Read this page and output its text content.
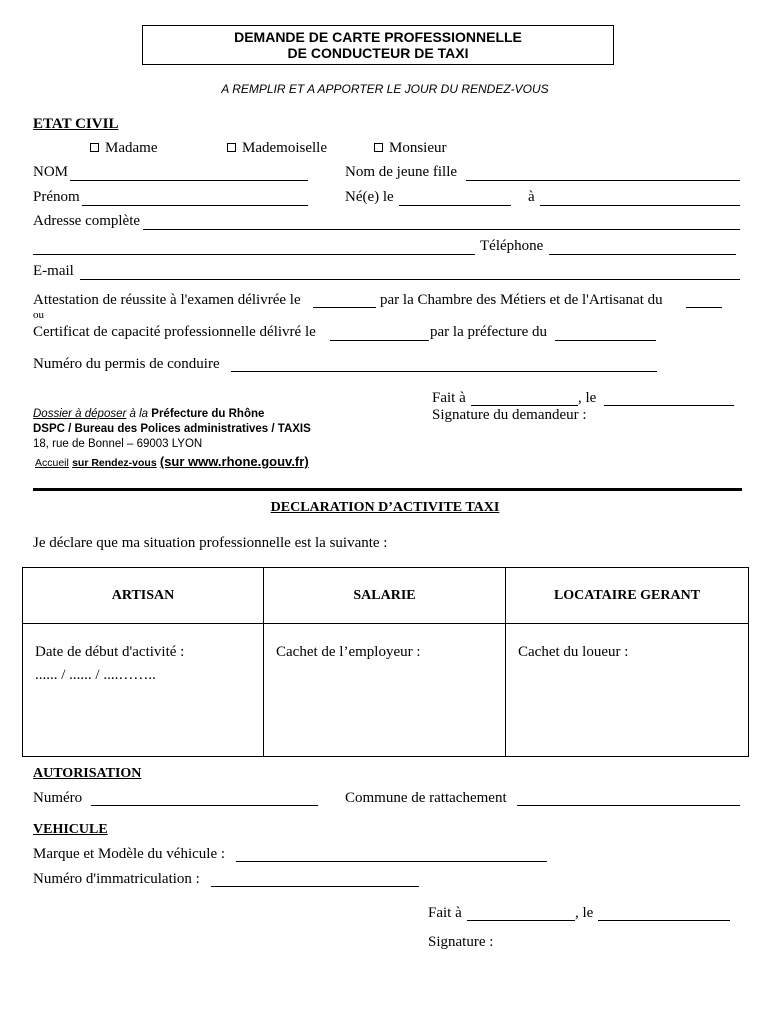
DEMANDE DE CARTE PROFESSIONNELLE
DE CONDUCTEUR DE TAXI
A REMPLIR ET A APPORTER LE JOUR DU RENDEZ-VOUS
ETAT CIVIL
Madame	Mademoiselle	Monsieur
NOM	Nom de jeune fille
Prénom	Né(e) le	à
Adresse complète
Téléphone
E-mail
Attestation de réussite à l'examen délivrée le	par la Chambre des Métiers et de l'Artisanat du
ou
Certificat de capacité professionnelle délivré le	par la préfecture du
Numéro du permis de conduire
Fait à	, le
Signature du demandeur :
Dossier à déposer à la Préfecture du Rhône
DSPC / Bureau des Polices administratives / TAXIS
18, rue de Bonnel – 69003 LYON
Accueil sur Rendez-vous (sur www.rhone.gouv.fr)
DECLARATION D’ACTIVITE TAXI
Je déclare que ma situation professionnelle est la suivante :
ARTISAN	SALARIE	LOCATAIRE GERANT

Date de début d'activité :
...... / ...... / ....……..	Cachet de l’employeur :	Cachet du loueur :
AUTORISATION
Numéro	Commune de rattachement
VEHICULE
Marque et Modèle du véhicule :
Numéro d'immatriculation :
Fait à	, le
Signature :
